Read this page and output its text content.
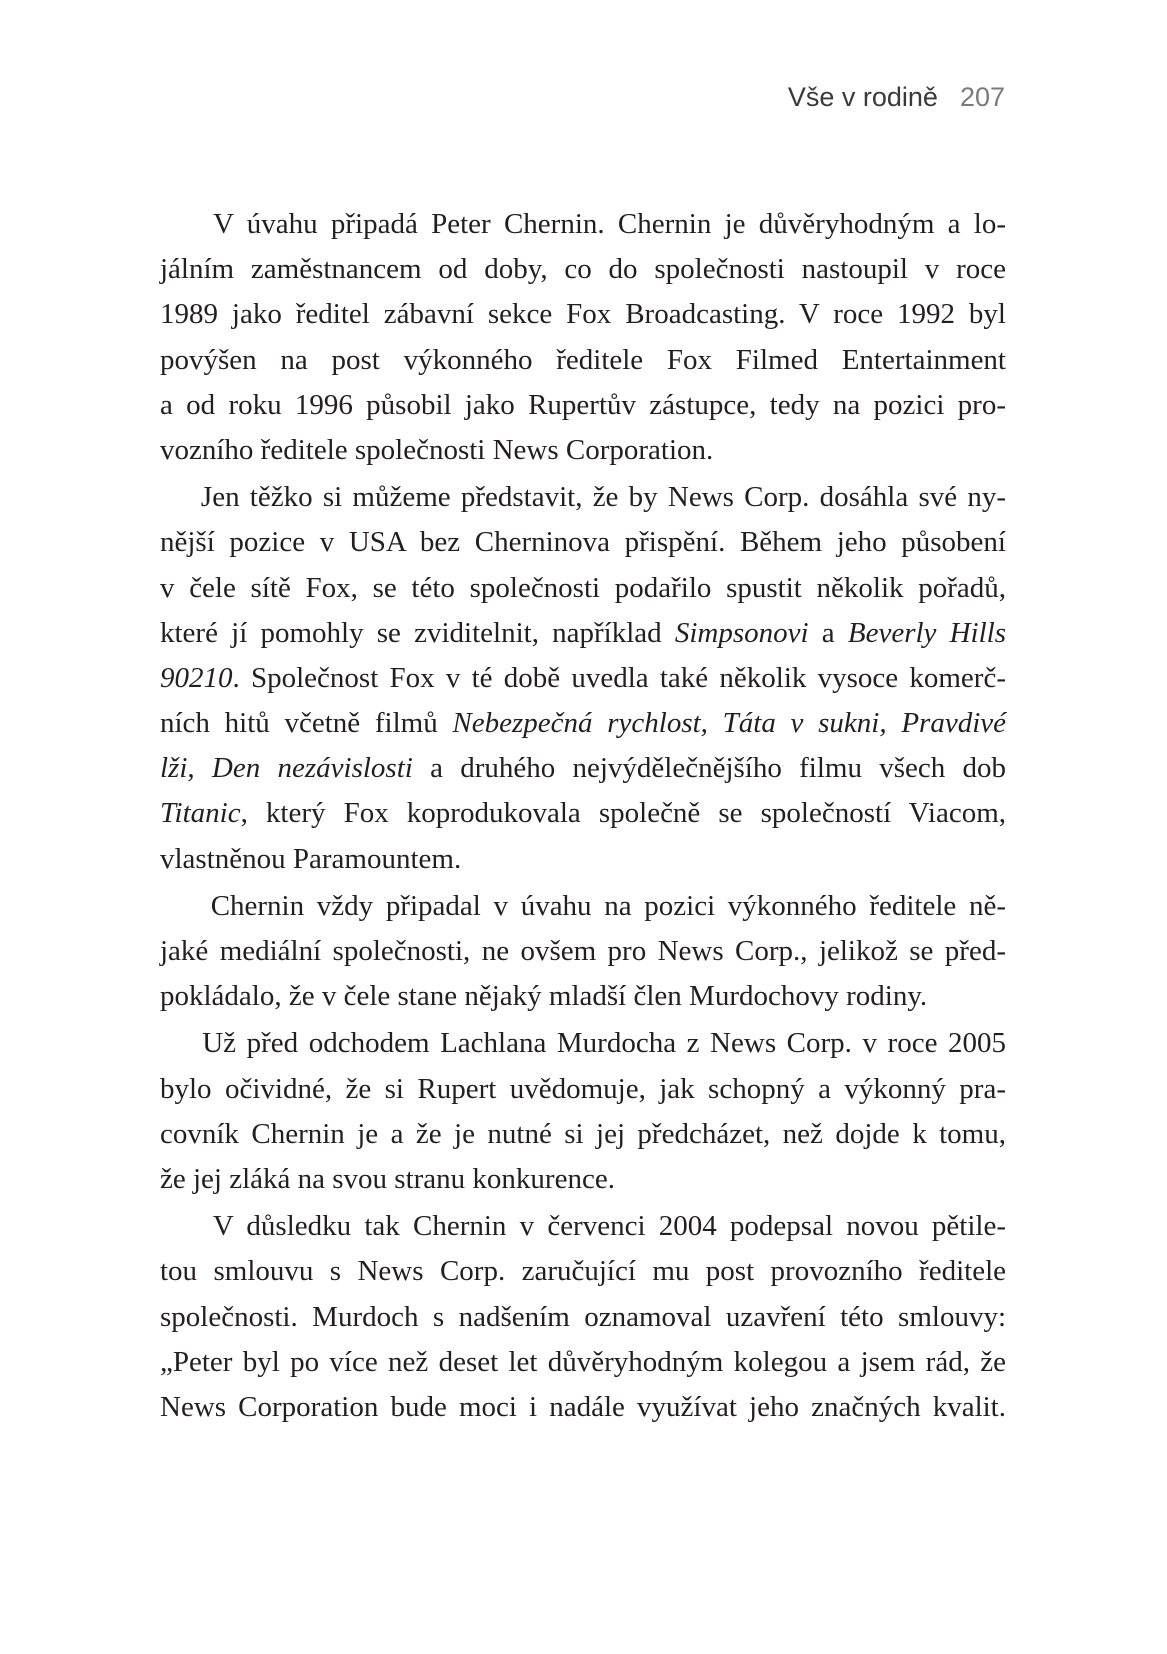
Vše v rodině 207
V úvahu připadá Peter Chernin. Chernin je důvěryhodným a lo-
jálním zaměstnancem od doby, co do společnosti nastoupil v roce
1989 jako ředitel zábavní sekce Fox Broadcasting. V roce 1992 byl
povýšen na post výkonného ředitele Fox Filmed Entertainment
a od roku 1996 působil jako Rupertův zástupce, tedy na pozici pro-
vozního ředitele společnosti News Corporation.
Jen těžko si můžeme představit, že by News Corp. dosáhla své ny-
nější pozice v USA bez Cherninova přispění. Během jeho působení
v čele sítě Fox, se této společnosti podařilo spustit několik pořadů,
které jí pomohly se zviditelnit, například Simpsonovi a Beverly Hills
90210. Společnost Fox v té době uvedla také několik vysoce komerč-
ních hitů včetně filmů Nebezpečná rychlost, Táta v sukni, Pravdivé
lži, Den nezávislosti a druhého nejvýdělečnějšího filmu všech dob
Titanic, který Fox koprodukovala společně se společností Viacom,
vlastněnou Paramountem.
Chernin vždy připadal v úvahu na pozici výkonného ředitele ně-
jaké mediální společnosti, ne ovšem pro News Corp., jelikož se před-
pokládalo, že v čele stane nějaký mladší člen Murdochovy rodiny.
Už před odchodem Lachlana Murdocha z News Corp. v roce 2005
bylo očividné, že si Rupert uvědomuje, jak schopný a výkonný pra-
covník Chernin je a že je nutné si jej předcházet, než dojde k tomu,
že jej zláká na svou stranu konkurence.
V důsledku tak Chernin v červenci 2004 podepsal novou pětile-
tou smlouvu s News Corp. zaručující mu post provozního ředitele
společnosti. Murdoch s nadšením oznamoval uzavření této smlouvy:
„Peter byl po více než deset let důvěryhodným kolegou a jsem rád, že
News Corporation bude moci i nadále využívat jeho značných kvalit.
